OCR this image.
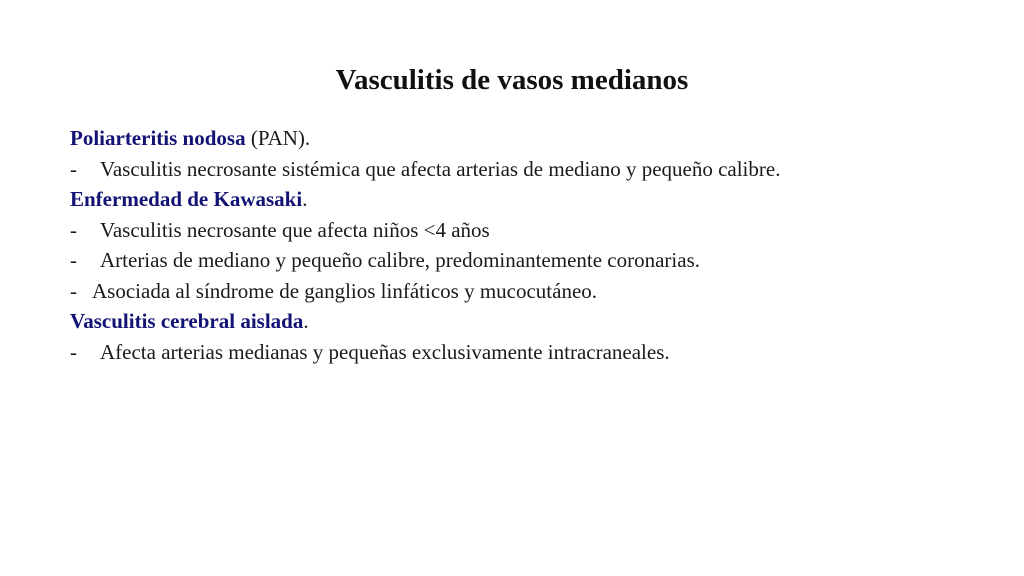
Vasculitis de vasos medianos
Poliarteritis nodosa (PAN).
- Vasculitis necrosante sistémica que afecta arterias de mediano y pequeño calibre.
Enfermedad de Kawasaki.
- Vasculitis necrosante que afecta niños <4 años
- Arterias de mediano y pequeño calibre, predominantemente coronarias.
- Asociada al síndrome de ganglios linfáticos y mucocutáneo.
Vasculitis cerebral aislada.
- Afecta arterias medianas y pequeñas exclusivamente intracraneales.
